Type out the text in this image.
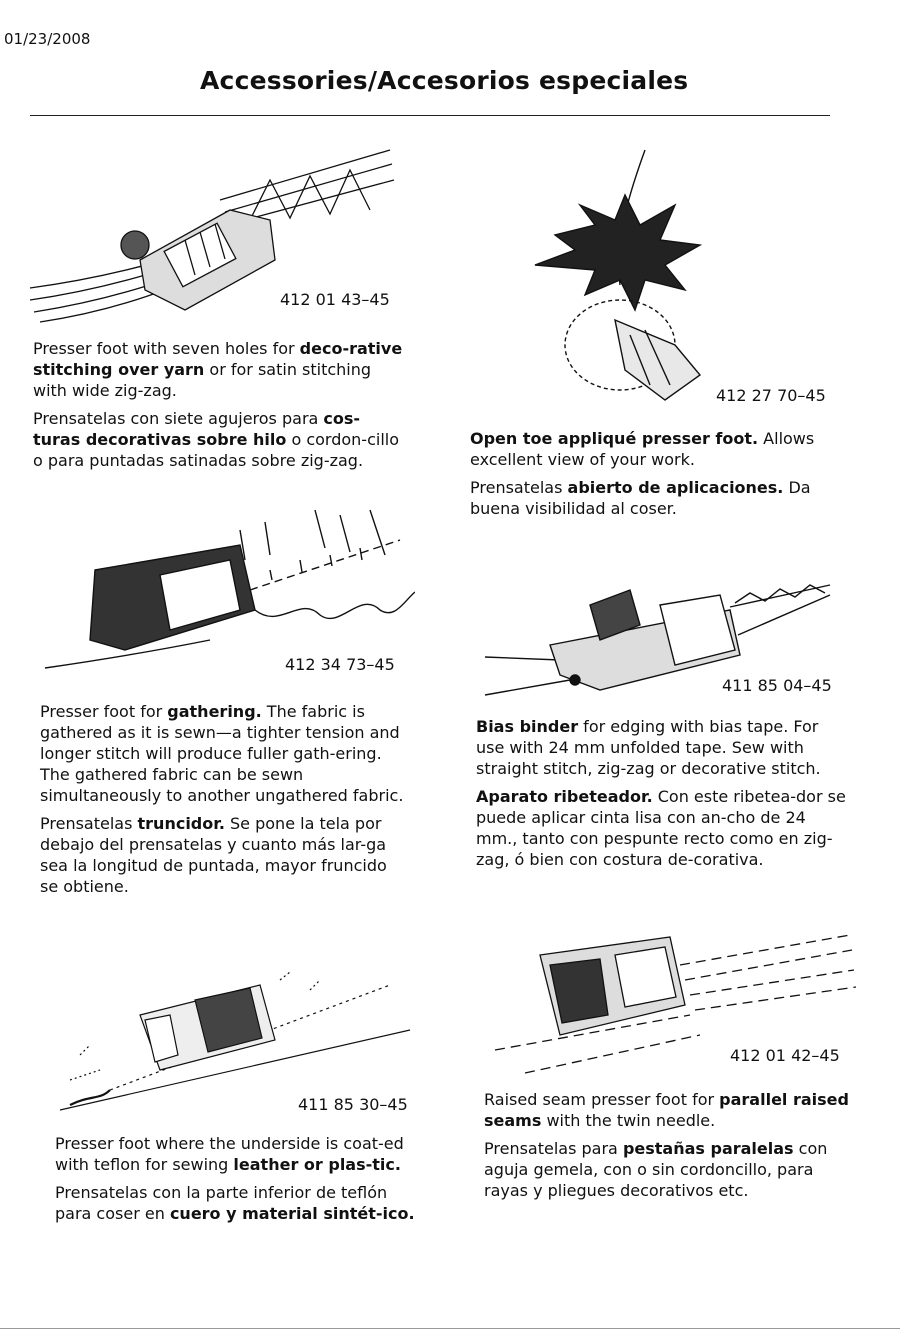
01/23/2008
Accessories/Accesorios especiales
412 01 43–45

Presser foot with seven holes for deco-rative stitching over yarn or for satin stitching with wide zig-zag.

Prensatelas con siete agujeros para cos-turas decorativas sobre hilo o cordon-cillo o para puntadas satinadas sobre zig-zag.

412 27 70–45

Open toe appliqué presser foot. Allows excellent view of your work.

Prensatelas abierto de aplicaciones. Da buena visibilidad al coser.

412 34 73–45

Presser foot for gathering. The fabric is gathered as it is sewn—a tighter tension and longer stitch will produce fuller gath-ering. The gathered fabric can be sewn simultaneously to another ungathered fabric.

Prensatelas truncidor. Se pone la tela por debajo del prensatelas y cuanto más lar-ga sea la longitud de puntada, mayor fruncido se obtiene.

411 85 04–45

Bias binder for edging with bias tape. For use with 24 mm unfolded tape. Sew with straight stitch, zig-zag or decorative stitch.

Aparato ribeteador. Con este ribetea-dor se puede aplicar cinta lisa con an-cho de 24 mm., tanto con pespunte recto como en zig-zag, ó bien con costura de-corativa.

411 85 30–45

Presser foot where the underside is coat-ed with teflon for sewing leather or plas-tic.

Prensatelas con la parte inferior de teflón para coser en cuero y material sintét-ico.

412 01 42–45

Raised seam presser foot for parallel raised seams with the twin needle.

Prensatelas para pestañas paralelas con aguja gemela, con o sin cordoncillo, para rayas y pliegues decorativos etc.
